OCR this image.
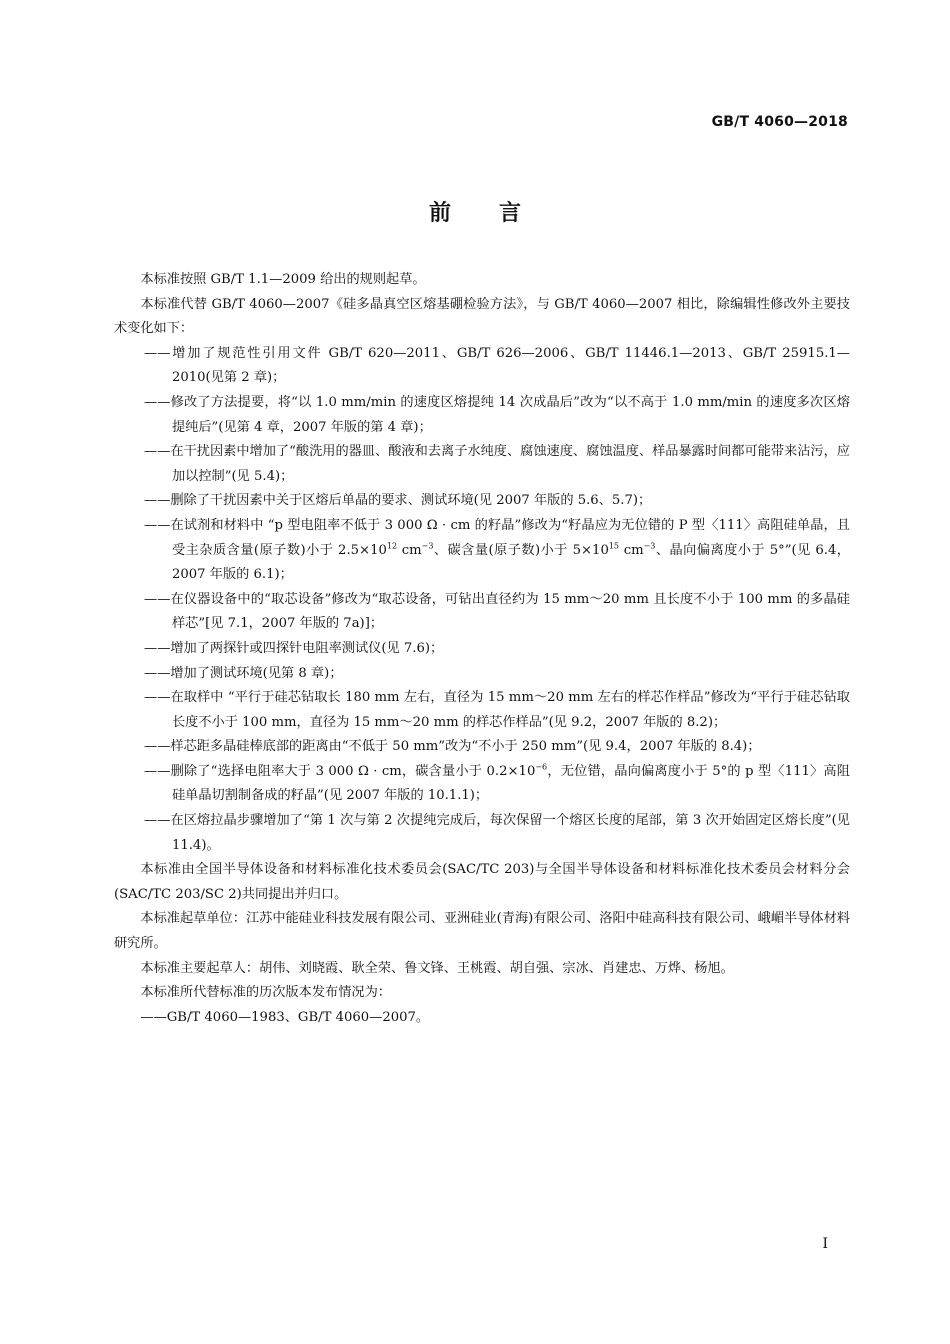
GB/T 4060—2018
前 言

本标准按照 GB/T 1.1—2009 给出的规则起草。

本标准代替 GB/T 4060—2007《硅多晶真空区熔基硼检验方法》，与 GB/T 4060—2007 相比，除编辑性修改外主要技术变化如下：

——增加了规范性引用文件 GB/T 620—2011、GB/T 626—2006、GB/T 11446.1—2013、GB/T 25915.1—2010(见第 2 章)；

——修改了方法提要，将“以 1.0 mm/min 的速度区熔提纯 14 次成晶后”改为“以不高于 1.0 mm/min 的速度多次区熔提纯后”(见第 4 章，2007 年版的第 4 章)；

——在干扰因素中增加了“酸洗用的器皿、酸液和去离子水纯度、腐蚀速度、腐蚀温度、样品暴露时间都可能带来沾污，应加以控制”(见 5.4)；

——删除了干扰因素中关于区熔后单晶的要求、测试环境(见 2007 年版的 5.6、5.7)；

——在试剂和材料中 “p 型电阻率不低于 3 000 Ω · cm 的籽晶”修改为“籽晶应为无位错的 P 型〈111〉高阻硅单晶，且受主杂质含量(原子数)小于 $2.5\times 10^{12}$ $cm^{-3}$、碳含量(原子数)小于 $5\times 10^{15}$ $cm^{-3}$、晶向偏离度小于 5°”(见 6.4，2007 年版的 6.1)；

——在仪器设备中的“取芯设备”修改为“取芯设备，可钻出直径约为 15 mm～20 mm 且长度不小于 100 mm 的多晶硅样芯”[见 7.1，2007 年版的 7a)]；

——增加了两探针或四探针电阻率测试仪(见 7.6)；

——增加了测试环境(见第 8 章)；

——在取样中 “平行于硅芯钻取长 180 mm 左右，直径为 15 mm～20 mm 左右的样芯作样品”修改为“平行于硅芯钻取长度不小于 100 mm，直径为 15 mm～20 mm 的样芯作样品”(见 9.2，2007 年版的 8.2)；

——样芯距多晶硅棒底部的距离由“不低于 50 mm”改为“不小于 250 mm”(见 9.4，2007 年版的 8.4)；

——删除了“选择电阻率大于 3 000 Ω · cm，碳含量小于 $0.2\times 10^{-6}$，无位错，晶向偏离度小于 5°的 p 型〈111〉高阻硅单晶切割制备成的籽晶”(见 2007 年版的 10.1.1)；

——在区熔拉晶步骤增加了“第 1 次与第 2 次提纯完成后，每次保留一个熔区长度的尾部，第 3 次开始固定区熔长度”(见 11.4)。

本标准由全国半导体设备和材料标准化技术委员会(SAC/TC 203)与全国半导体设备和材料标准化技术委员会材料分会(SAC/TC 203/SC 2)共同提出并归口。

本标准起草单位：江苏中能硅业科技发展有限公司、亚洲硅业(青海)有限公司、洛阳中硅高科技有限公司、峨嵋半导体材料研究所。

本标准主要起草人：胡伟、刘晓霞、耿全荣、鲁文锋、王桃霞、胡自强、宗冰、肖建忠、万烨、杨旭。

本标准所代替标准的历次版本发布情况为：

——GB/T 4060—1983、GB/T 4060—2007。

I
